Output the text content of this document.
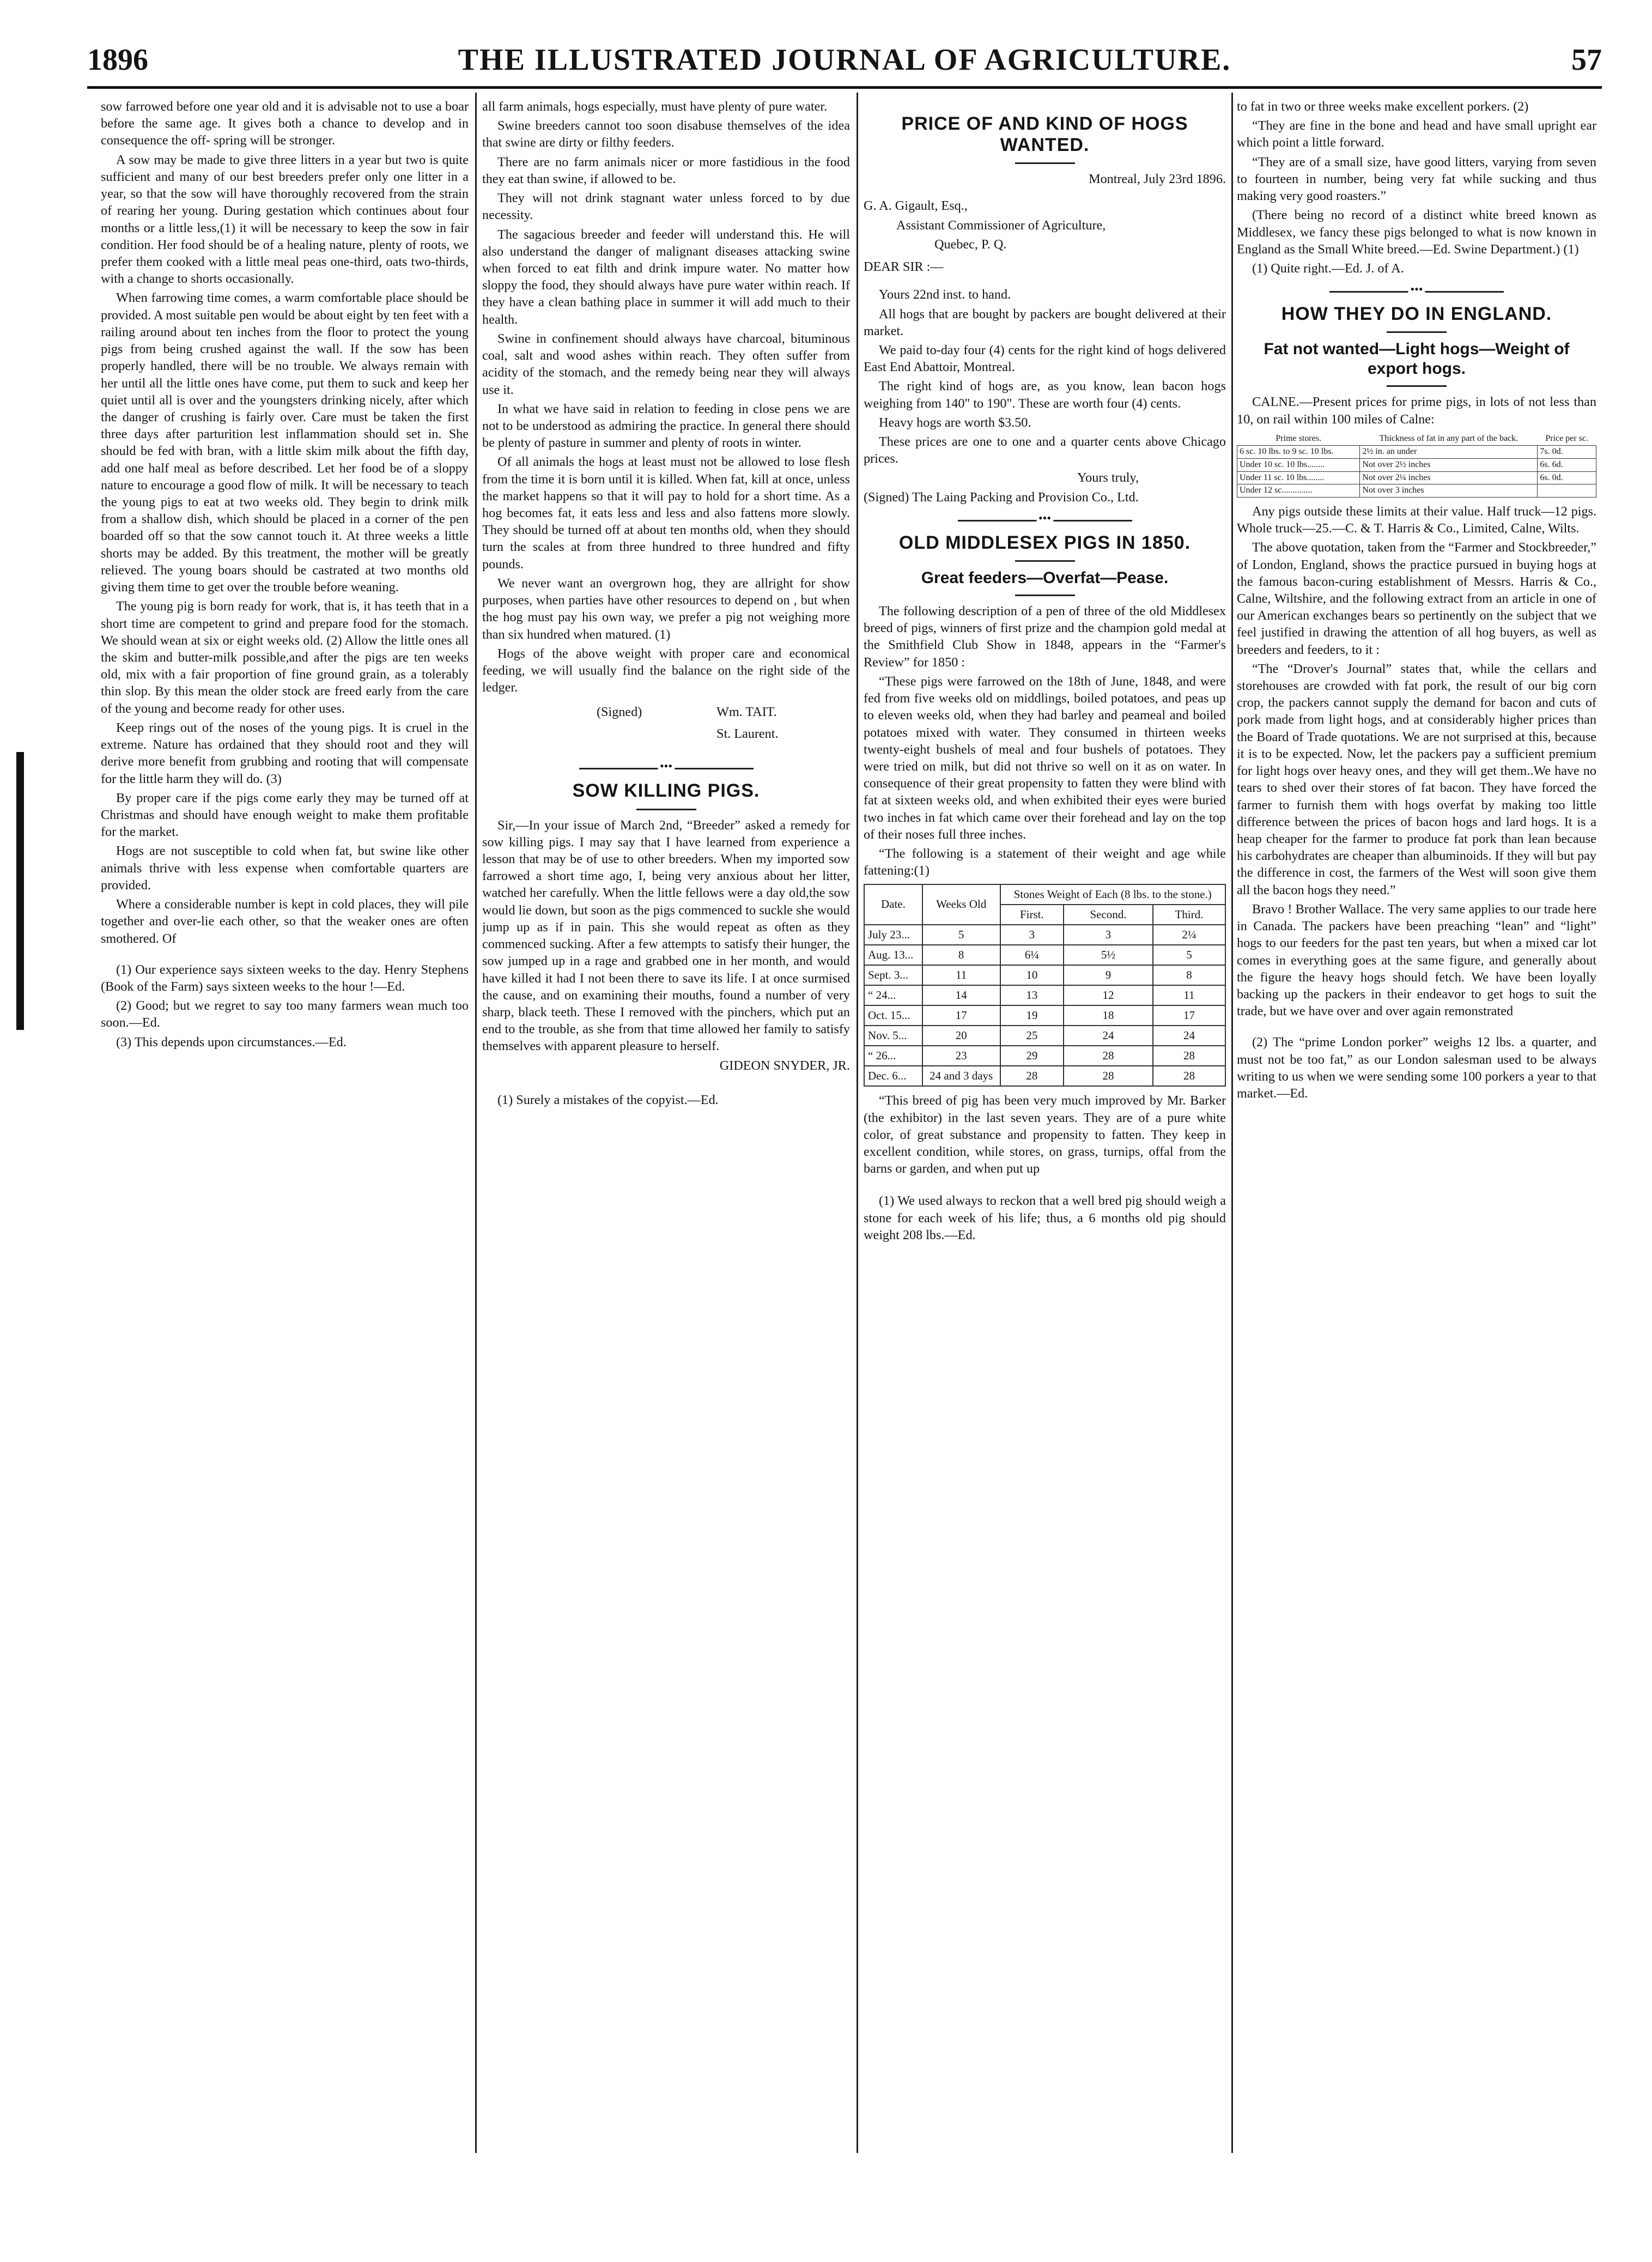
1896	THE ILLUSTRATED JOURNAL OF AGRICULTURE.	57

sow farrowed before one year old and it is advisable not to use a boar before the same age. It gives both a chance to develop and in consequence the off- spring will be stronger.

A sow may be made to give three litters in a year but two is quite sufficient and many of our best breeders prefer only one litter in a year, so that the sow will have thoroughly recovered from the strain of rearing her young. During gestation which continues about four months or a little less,(1) it will be necessary to keep the sow in fair condition. Her food should be of a healing nature, plenty of roots, we prefer them cooked with a little meal peas one-third, oats two-thirds, with a change to shorts occasionally.

When farrowing time comes, a warm comfortable place should be provided. A most suitable pen would be about eight by ten feet with a railing around about ten inches from the floor to protect the young pigs from being crushed against the wall. If the sow has been properly handled, there will be no trouble. We always remain with her until all the little ones have come, put them to suck and keep her quiet until all is over and the youngsters drinking nicely, after which the danger of crushing is fairly over. Care must be taken the first three days after parturition lest inflammation should set in. She should be fed with bran, with a little skim milk about the fifth day, add one half meal as before described. Let her food be of a sloppy nature to encourage a good flow of milk. It will be necessary to teach the young pigs to eat at two weeks old. They begin to drink milk from a shallow dish, which should be placed in a corner of the pen boarded off so that the sow cannot touch it. At three weeks a little shorts may be added. By this treatment, the mother will be greatly relieved. The young boars should be castrated at two months old giving them time to get over the trouble before weaning.

The young pig is born ready for work, that is, it has teeth that in a short time are competent to grind and prepare food for the stomach. We should wean at six or eight weeks old. (2) Allow the little ones all the skim and butter-milk possible,and after the pigs are ten weeks old, mix with a fair proportion of fine ground grain, as a tolerably thin slop. By this mean the older stock are freed early from the care of the young and become ready for other uses.

Keep rings out of the noses of the young pigs. It is cruel in the extreme. Nature has ordained that they should root and they will derive more benefit from grubbing and rooting that will compensate for the little harm they will do. (3)

By proper care if the pigs come early they may be turned off at Christmas and should have enough weight to make them profitable for the market.

Hogs are not susceptible to cold when fat, but swine like other animals thrive with less expense when comfortable quarters are provided.

Where a considerable number is kept in cold places, they will pile together and over-lie each other, so that the weaker ones are often smothered. Of

(1) Our experience says sixteen weeks to the day. Henry Stephens (Book of the Farm) says sixteen weeks to the hour !—Ed.

(2) Good; but we regret to say too many farmers wean much too soon.—Ed.

(3) This depends upon circumstances.—Ed.

all farm animals, hogs especially, must have plenty of pure water.

Swine breeders cannot too soon disabuse themselves of the idea that swine are dirty or filthy feeders.

There are no farm animals nicer or more fastidious in the food they eat than swine, if allowed to be.

They will not drink stagnant water unless forced to by due necessity.

The sagacious breeder and feeder will understand this. He will also understand the danger of malignant diseases attacking swine when forced to eat filth and drink impure water. No matter how sloppy the food, they should always have pure water within reach. If they have a clean bathing place in summer it will add much to their health.

Swine in confinement should always have charcoal, bituminous coal, salt and wood ashes within reach. They often suffer from acidity of the stomach, and the remedy being near they will always use it.

In what we have said in relation to feeding in close pens we are not to be understood as admiring the practice. In general there should be plenty of pasture in summer and plenty of roots in winter.

Of all animals the hogs at least must not be allowed to lose flesh from the time it is born until it is killed. When fat, kill at once, unless the market happens so that it will pay to hold for a short time. As a hog becomes fat, it eats less and less and also fattens more slowly. They should be turned off at about ten months old, when they should turn the scales at from three hundred to three hundred and fifty pounds.

We never want an overgrown hog, they are allright for show purposes, when parties have other resources to depend on , but when the hog must pay his own way, we prefer a pig not weighing more than six hundred when matured. (1)

Hogs of the above weight with proper care and economical feeding, we will usually find the balance on the right side of the ledger.

(Signed)	Wm. TAIT.
St. Laurent.
•••
SOW KILLING PIGS.

Sir,—In your issue of March 2nd, “Breeder” asked a remedy for sow killing pigs. I may say that I have learned from experience a lesson that may be of use to other breeders. When my imported sow farrowed a short time ago, I, being very anxious about her litter, watched her carefully. When the little fellows were a day old,the sow would lie down, but soon as the pigs commenced to suckle she would jump up as if in pain. This she would repeat as often as they commenced sucking. After a few attempts to satisfy their hunger, the sow jumped up in a rage and grabbed one in her month, and would have killed it had I not been there to save its life. I at once surmised the cause, and on examining their mouths, found a number of very sharp, black teeth. These I removed with the pinchers, which put an end to the trouble, as she from that time allowed her family to satisfy themselves with apparent pleasure to herself.

GIDEON SNYDER, JR.

(1) Surely a mistakes of the copyist.—Ed.

PRICE OF AND KIND OF HOGS WANTED.

Montreal, July 23rd 1896.

G. A. Gigault, Esq.,

Assistant Commissioner of Agriculture,

Quebec, P. Q.

DEAR SIR :—

Yours 22nd inst. to hand.

All hogs that are bought by packers are bought delivered at their market.

We paid to-day four (4) cents for the right kind of hogs delivered East End Abattoir, Montreal.

The right kind of hogs are, as you know, lean bacon hogs weighing from 140" to 190". These are worth four (4) cents.

Heavy hogs are worth $3.50.

These prices are one to one and a quarter cents above Chicago prices.

Yours truly,

(Signed) The Laing Packing and Provision Co., Ltd.

•••
OLD MIDDLESEX PIGS IN 1850.
Great feeders—Overfat—Pease.

The following description of a pen of three of the old Middlesex breed of pigs, winners of first prize and the champion gold medal at the Smithfield Club Show in 1848, appears in the “Farmer's Review” for 1850 :

“These pigs were farrowed on the 18th of June, 1848, and were fed from five weeks old on middlings, boiled potatoes, and peas up to eleven weeks old, when they had barley and peameal and boiled potatoes mixed with water. They consumed in thirteen weeks twenty-eight bushels of meal and four bushels of potatoes. They were tried on milk, but did not thrive so well on it as on water. In consequence of their great propensity to fatten they were blind with fat at sixteen weeks old, and when exhibited their eyes were buried two inches in fat which came over their forehead and lay on the top of their noses full three inches.

“The following is a statement of their weight and age while fattening:(1)

Date.	Weeks Old	Stones Weight of Each (8 lbs. to the stone.)		
		First.	Second.	Third.
July 23...	5	3	3	2¼
Aug. 13...	8	6¼	5½	5
Sept. 3...	11	10	9	8
“ 24...	14	13	12	11
Oct. 15...	17	19	18	17
Nov. 5...	20	25	24	24
“ 26...	23	29	28	28
Dec. 6...	24 and 3 days	28	28	28

“This breed of pig has been very much improved by Mr. Barker (the exhibitor) in the last seven years. They are of a pure white color, of great substance and propensity to fatten. They keep in excellent condition, while stores, on grass, turnips, offal from the barns or garden, and when put up

(1) We used always to reckon that a well bred pig should weigh a stone for each week of his life; thus, a 6 months old pig should weight 208 lbs.—Ed.

to fat in two or three weeks make excellent porkers. (2)

“They are fine in the bone and head and have small upright ear which point a little forward.

“They are of a small size, have good litters, varying from seven to fourteen in number, being very fat while sucking and thus making very good roasters.”

(There being no record of a distinct white breed known as Middlesex, we fancy these pigs belonged to what is now known in England as the Small White breed.—Ed. Swine Department.) (1)

(1) Quite right.—Ed. J. of A.

•••
HOW THEY DO IN ENGLAND.
Fat not wanted—Light hogs—Weight of export hogs.

CALNE.—Present prices for prime pigs, in lots of not less than 10, on rail within 100 miles of Calne:

Prime stores.	Thickness of fat in any part of the back.	Price per sc.
6 sc. 10 lbs. to 9 sc. 10 lbs.	2½ in. an under	7s. 0d.
Under 10 sc. 10 lbs........	Not over 2½ inches	6s. 6d.
Under 11 sc. 10 lbs........	Not over 2¼ inches	6s. 0d.
Under 12 sc..............	Not over 3 inches	

Any pigs outside these limits at their value. Half truck—12 pigs. Whole truck—25.—C. & T. Harris & Co., Limited, Calne, Wilts.

The above quotation, taken from the “Farmer and Stockbreeder,” of London, England, shows the practice pursued in buying hogs at the famous bacon-curing establishment of Messrs. Harris & Co., Calne, Wiltshire, and the following extract from an article in one of our American exchanges bears so pertinently on the subject that we feel justified in drawing the attention of all hog buyers, as well as breeders and feeders, to it :

“The “Drover's Journal” states that, while the cellars and storehouses are crowded with fat pork, the result of our big corn crop, the packers cannot supply the demand for bacon and cuts of pork made from light hogs, and at considerably higher prices than the Board of Trade quotations. We are not surprised at this, because it is to be expected. Now, let the packers pay a sufficient premium for light hogs over heavy ones, and they will get them..We have no tears to shed over their stores of fat bacon. They have forced the farmer to furnish them with hogs overfat by making too little difference between the prices of bacon hogs and lard hogs. It is a heap cheaper for the farmer to produce fat pork than lean because his carbohydrates are cheaper than albuminoids. If they will but pay the difference in cost, the farmers of the West will soon give them all the bacon hogs they need.”

Bravo ! Brother Wallace. The very same applies to our trade here in Canada. The packers have been preaching “lean” and “light” hogs to our feeders for the past ten years, but when a mixed car lot comes in everything goes at the same figure, and generally about the figure the heavy hogs should fetch. We have been loyally backing up the packers in their endeavor to get hogs to suit the trade, but we have over and over again remonstrated

(2) The “prime London porker” weighs 12 lbs. a quarter, and must not be too fat,” as our London salesman used to be always writing to us when we were sending some 100 porkers a year to that market.—Ed.
